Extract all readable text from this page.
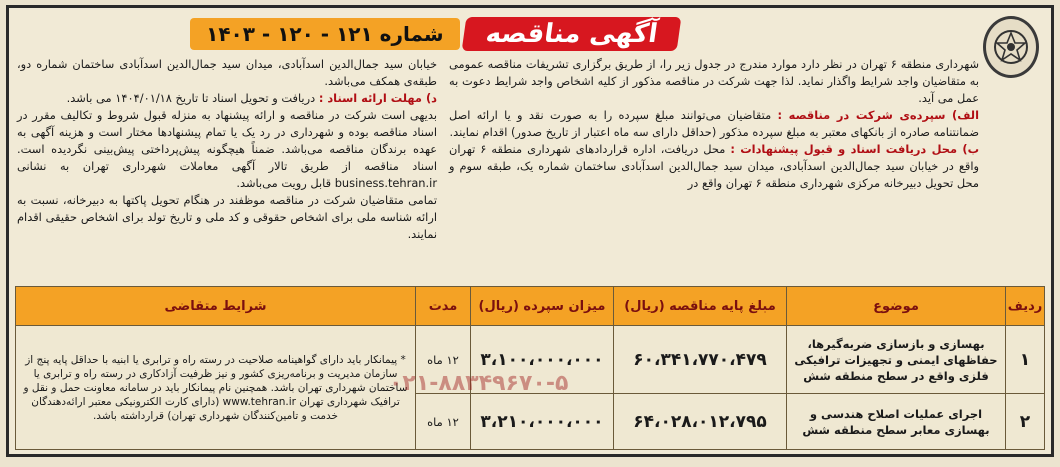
آگهی مناقصه
شماره ۱۲۱ - ۱۲۰ - ۱۴۰۳
شهرداری منطقه ۶ تهران در نظر دارد موارد مندرج در جدول زیر را، از طریق برگزاری تشریفات مناقصه عمومی به متقاضیان واجد شرایط واگذار نماید. لذا جهت شرکت در مناقصه مذکور از کلیه اشخاص واجد شرایط دعوت به عمل می آید.
الف) سپرده‌ی شرکت در مناقصه : متقاضیان می‌توانند مبلغ سپرده را به صورت نقد و یا ارائه اصل ضمانتنامه صادره از بانکهای معتبر به مبلغ سپرده مذکور (حداقل دارای سه ماه اعتبار از تاریخ صدور) اقدام نمایند.
ب) محل دریافت اسناد و قبول پیشنهادات : محل دریافت، اداره قراردادهای شهرداری منطقه ۶ تهران واقع در خیابان سید جمال‌الدین اسدآبادی، میدان سید جمال‌الدین اسدآبادی ساختمان شماره یک، طبقه سوم و محل تحویل دبیرخانه مرکزی شهرداری منطقه ۶ تهران واقع در
خیابان سید جمال‌الدین اسدآبادی، میدان سید جمال‌الدین اسدآبادی ساختمان شماره دو، طبقه‌ی همکف می‌باشد.
د) مهلت ارائه اسناد : دریافت و تحویل اسناد تا تاریخ ۱۴۰۴/۰۱/۱۸ می باشد.
بدیهی است شرکت در مناقصه و ارائه پیشنهاد به منزله قبول شروط و تکالیف مقرر در اسناد مناقصه بوده و شهرداری در رد یک یا تمام پیشنهادها مختار است و هزینه آگهی به عهده برندگان مناقصه می‌باشد. ضمناً هیچگونه پیش‌پرداختی پیش‌بینی نگردیده است. اسناد مناقصه از طریق تالار آگهی معاملات شهرداری تهران به نشانی business.tehran.ir قابل رویت می‌باشد.
تمامی متقاضیان شرکت در مناقصه موظفند در هنگام تحویل پاکتها به دبیرخانه، نسبت به ارائه شناسه ملی برای اشخاص حقوقی و کد ملی و تاریخ تولد برای اشخاص حقیقی اقدام نمایند.
ردیف	موضوع	مبلغ پایه مناقصه (ریال)	میزان سپرده (ریال)	مدت	شرایط متقاضی
۱	بهسازی و بازسازی ضربه‌گیرها، حفاظهای ایمنی و تجهیزات ترافیکی فلزی واقع در سطح منطقه شش	۶۰،۳۴۱،۷۷۰،۴۷۹	۳،۱۰۰،۰۰۰،۰۰۰	۱۲ ماه	* پیمانکار باید دارای گواهینامه صلاحیت در رسته راه و ترابری یا ابنیه با حداقل پایه پنج از سازمان مدیریت و برنامه‌ریزی کشور و نیز ظرفیت آزادکاری در رسته راه و ترابری یا ساختمان شهرداری تهران باشد. همچنین نام پیمانکار باید در سامانه معاونت حمل و نقل و ترافیک شهرداری تهران www.tehran.ir (دارای کارت الکترونیکی معتبر ارائه‌دهندگان خدمت و تامین‌کنندگان شهرداری تهران) قرارداشته باشد.
۲	اجرای عملیات اصلاح هندسی و بهسازی معابر سطح منطقه شش	۶۴،۰۲۸،۰۱۲،۷۹۵	۳،۲۱۰،۰۰۰،۰۰۰	۱۲ ماه	
۰۲۱-۸۸۳۴۹۶۷۰-۵
